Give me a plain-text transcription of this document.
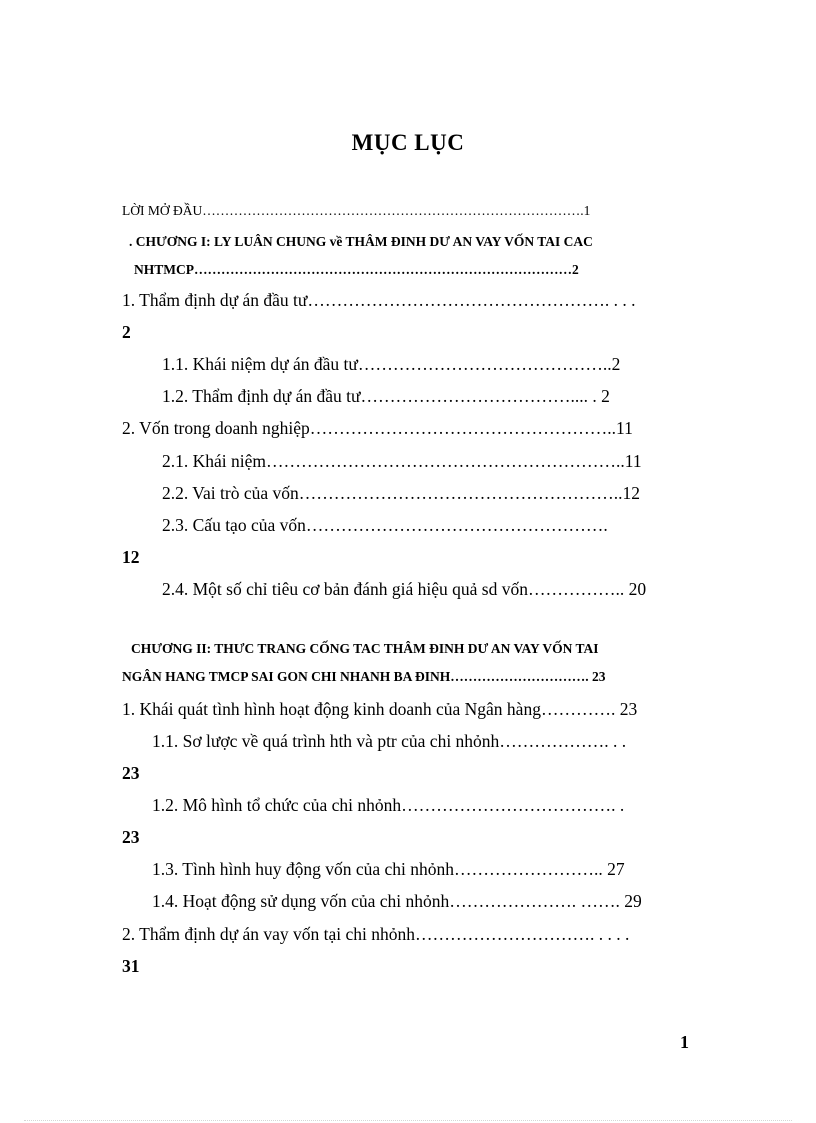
MỤC LỤC
LỜI MỞ ĐẦU………………………………………………………………………….1
. CHƯƠNG I: LY LUÂN CHUNG về THÂM ĐINH DƯ AN VAY VỐN TAI CAC
NHTMCP…………………………………………………………………………2
1. Thẩm định dự án đầu tư……………………………………………. . . .
2
1.1. Khái niệm dự án đầu tư……………………………………..2
1.2. Thẩm định dự án đầu tư……………………………….... . 2
2. Vốn trong doanh nghiệp……………………………………………..11
2.1. Khái niệm……………………………………………………..11
2.2. Vai trò của vốn………………………………………………..12
2.3. Cấu tạo của vốn…………………………………………….
12
2.4. Một số chỉ tiêu cơ bản đánh giá hiệu quả sd vốn…………….. 20
CHƯƠNG II: THƯC TRANG CỐNG TAC THÂM ĐINH DƯ AN VAY VỐN TAI
NGÂN HANG TMCP SAI GON CHI NHANH BA ĐINH…………………………. 23
1. Khái quát tình hình hoạt động kinh doanh của Ngân hàng…………. 23
1.1. Sơ lược về quá trình hth và ptr của chi nhỏnh………………. . .
23
1.2. Mô hình tổ chức của chi nhỏnh………………………………. .
23
1.3. Tình hình huy động vốn của chi nhỏnh…………………….. 27
1.4. Hoạt động sử dụng vốn của chi nhỏnh…………………. ……. 29
2. Thẩm định dự án vay vốn tại chi nhỏnh…………………………. . . . .
31
1
